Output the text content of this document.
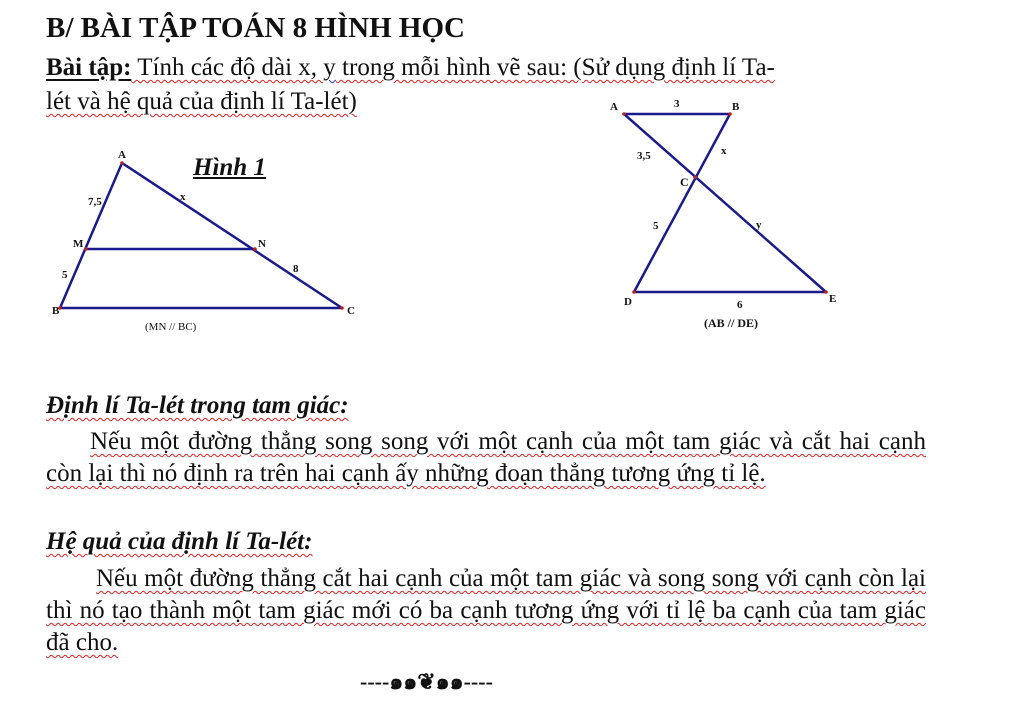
B/ BÀI TẬP TOÁN 8 HÌNH HỌC
Bài tập: Tính các độ dài x, y trong mỗi hình vẽ sau: (Sử dụng định lí Ta-
lét và hệ quả của định lí Ta-lét)
A
M	N
B	C
7,5	x
5	8
(MN // BC)
Hình 1
A	B
C
D	E
3
3,5	x
5	y
6
(AB // DE)
Định lí Ta-lét trong tam giác:
Nếu một đường thẳng song song với một cạnh của một tam giác và cắt hai cạnh còn lại thì nó định ra trên hai cạnh ấy những đoạn thẳng tương ứng tỉ lệ.
Hệ quả của định lí Ta-lét:
Nếu một đường thẳng cắt hai cạnh của một tam giác và song song với cạnh còn lại thì nó tạo thành một tam giác mới có ba cạnh tương ứng với tỉ lệ ba cạnh của tam giác đã cho.
----๑๑❦๑๑----
